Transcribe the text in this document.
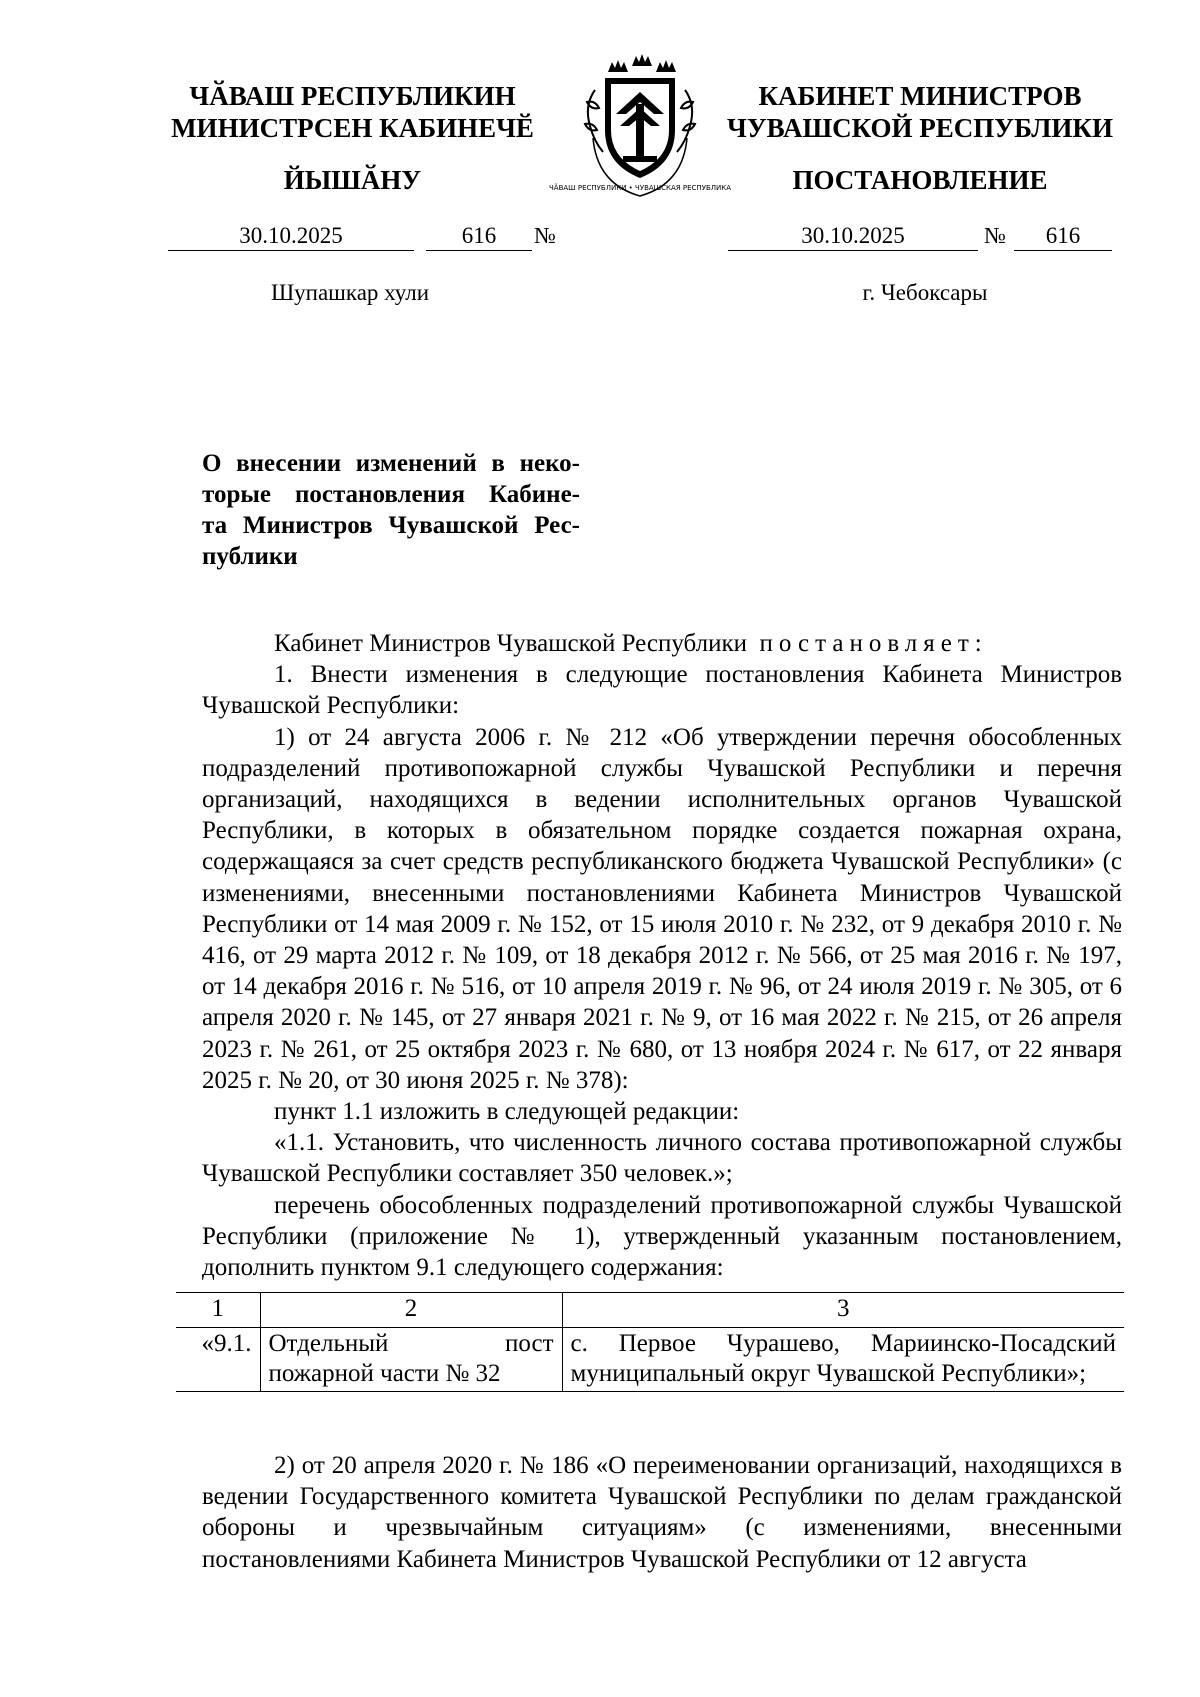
ЧӐВАШ РЕСПУБЛИКИН
МИНИСТРСЕН КАБИНЕЧӖ
ЙЫШӐНУ
КАБИНЕТ МИНИСТРОВ
ЧУВАШСКОЙ РЕСПУБЛИКИ
ПОСТАНОВЛЕНИЕ
ЧӐВАШ РЕСПУБЛИКИ • ЧУВАШСКАЯ РЕСПУБЛИКА
30.10.2025	616	№	30.10.2025	№	616
Шупашкар хули	г. Чебоксары
О внесении изменений в неко-
торые постановления Кабине-
та Министров Чувашской Рес-
публики

Кабинет Министров Чувашской Республики постановляет:

1. Внести изменения в следующие постановления Кабинета Министров Чувашской Республики:

1) от 24 августа 2006 г. № 212 «Об утверждении перечня обособленных подразделений противопожарной службы Чувашской Республики и перечня организаций, находящихся в ведении исполнительных органов Чувашской Республики, в которых в обязательном порядке создается пожарная охрана, содержащаяся за счет средств республиканского бюджета Чувашской Республики» (с изменениями, внесенными постановлениями Кабинета Министров Чувашской Республики от 14 мая 2009 г. № 152, от 15 июля 2010 г. № 232, от 9 декабря 2010 г. № 416, от 29 марта 2012 г. № 109, от 18 декабря 2012 г. № 566, от 25 мая 2016 г. № 197, от 14 декабря 2016 г. № 516, от 10 апреля 2019 г. № 96, от 24 июля 2019 г. № 305, от 6 апреля 2020 г. № 145, от 27 января 2021 г. № 9, от 16 мая 2022 г. № 215, от 26 апреля 2023 г. № 261, от 25 октября 2023 г. № 680, от 13 ноября 2024 г. № 617, от 22 января 2025 г. № 20, от 30 июня 2025 г. № 378):

пункт 1.1 изложить в следующей редакции:

«1.1. Установить, что численность личного состава противопожарной службы Чувашской Республики составляет 350 человек.»;

перечень обособленных подразделений противопожарной службы Чувашской Республики (приложение № 1), утвержденный указанным постановлением, дополнить пунктом 9.1 следующего содержания:

1	2	3
«9.1.	Отдельный пост пожарной части № 32	с. Первое Чурашево, Мариинско-Посадский муниципальный округ Чувашской Республики»;

2) от 20 апреля 2020 г. № 186 «О переименовании организаций, находящихся в ведении Государственного комитета Чувашской Республики по делам гражданской обороны и чрезвычайным ситуациям» (с изменениями, внесенными постановлениями Кабинета Министров Чувашской Республики от 12 августа
